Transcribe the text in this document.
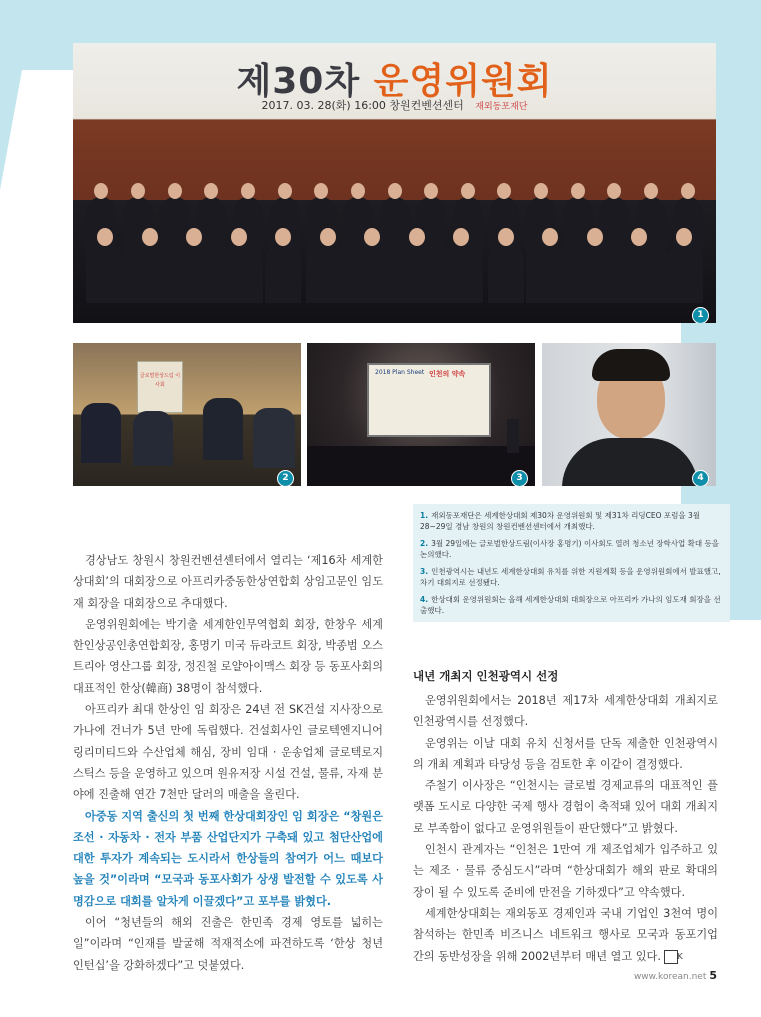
제30차 운영위원회
2017. 03. 28(화) 16:00 창원컨벤션센터 재외동포재단
1
글로벌한상드림 이사회
2
2018 Plan Sheet 인천의 약속
3	4

1. 재외동포재단은 세계한상대회 제30차 운영위원회 및 제31차 리딩CEO 포럼을 3월 28~29일 경남 창원의 창원컨벤션센터에서 개최했다.

2. 3월 29일에는 글로벌한상드림(이사장 홍명기) 이사회도 열려 청소년 장학사업 확대 등을 논의했다.

3. 인천광역시는 내년도 세계한상대회 유치를 위한 지원계획 등을 운영위원회에서 발표했고, 차기 대회지로 선정됐다.

4. 한상대회 운영위원회는 올해 세계한상대회 대회장으로 아프리카 가나의 임도재 회장을 선출했다.

경상남도 창원시 창원컨벤션센터에서 열리는 ‘제16차 세계한상대회’의 대회장으로 아프리카중동한상연합회 상임고문인 임도재 회장을 대회장으로 추대했다.

운영위원회에는 박기출 세계한인무역협회 회장, 한창우 세계한인상공인총연합회장, 홍명기 미국 듀라코트 회장, 박종범 오스트리아 영산그룹 회장, 정진철 로얄아이맥스 회장 등 동포사회의 대표적인 한상(韓商) 38명이 참석했다.

아프리카 최대 한상인 임 회장은 24년 전 SK건설 지사장으로 가나에 건너가 5년 만에 독립했다. 건설회사인 글로텍엔지니어링리미티드와 수산업체 해심, 장비 임대 · 운송업체 글로텍로지스틱스 등을 운영하고 있으며 원유저장 시설 건설, 물류, 자재 분야에 진출해 연간 7천만 달러의 매출을 올린다.

아중동 지역 출신의 첫 번째 한상대회장인 임 회장은 “창원은 조선 · 자동차 · 전자 부품 산업단지가 구축돼 있고 첨단산업에 대한 투자가 계속되는 도시라서 한상들의 참여가 어느 때보다 높을 것”이라며 “모국과 동포사회가 상생 발전할 수 있도록 사명감으로 대회를 알차게 이끌겠다”고 포부를 밝혔다.

이어 “청년들의 해외 진출은 한민족 경제 영토를 넓히는 일”이라며 “인재를 발굴해 적재적소에 파견하도록 ‘한상 청년 인턴십’을 강화하겠다”고 덧붙였다.

내년 개최지 인천광역시 선정

운영위원회에서는 2018년 제17차 세계한상대회 개최지로 인천광역시를 선정했다.

운영위는 이날 대회 유치 신청서를 단독 제출한 인천광역시의 개최 계획과 타당성 등을 검토한 후 이같이 결정했다.

주철기 이사장은 “인천시는 글로벌 경제교류의 대표적인 플랫폼 도시로 다양한 국제 행사 경험이 축적돼 있어 대회 개최지로 부족함이 없다고 운영위원들이 판단했다”고 밝혔다.

인천시 관계자는 “인천은 1만여 개 제조업체가 입주하고 있는 제조 · 물류 중심도시”라며 “한상대회가 해외 판로 확대의 장이 될 수 있도록 준비에 만전을 기하겠다”고 약속했다.

세계한상대회는 재외동포 경제인과 국내 기업인 3천여 명이 참석하는 한민족 비즈니스 네트워크 행사로 모국과 동포기업 간의 동반성장을 위해 2002년부터 매년 열고 있다. K

www.korean.net 5
